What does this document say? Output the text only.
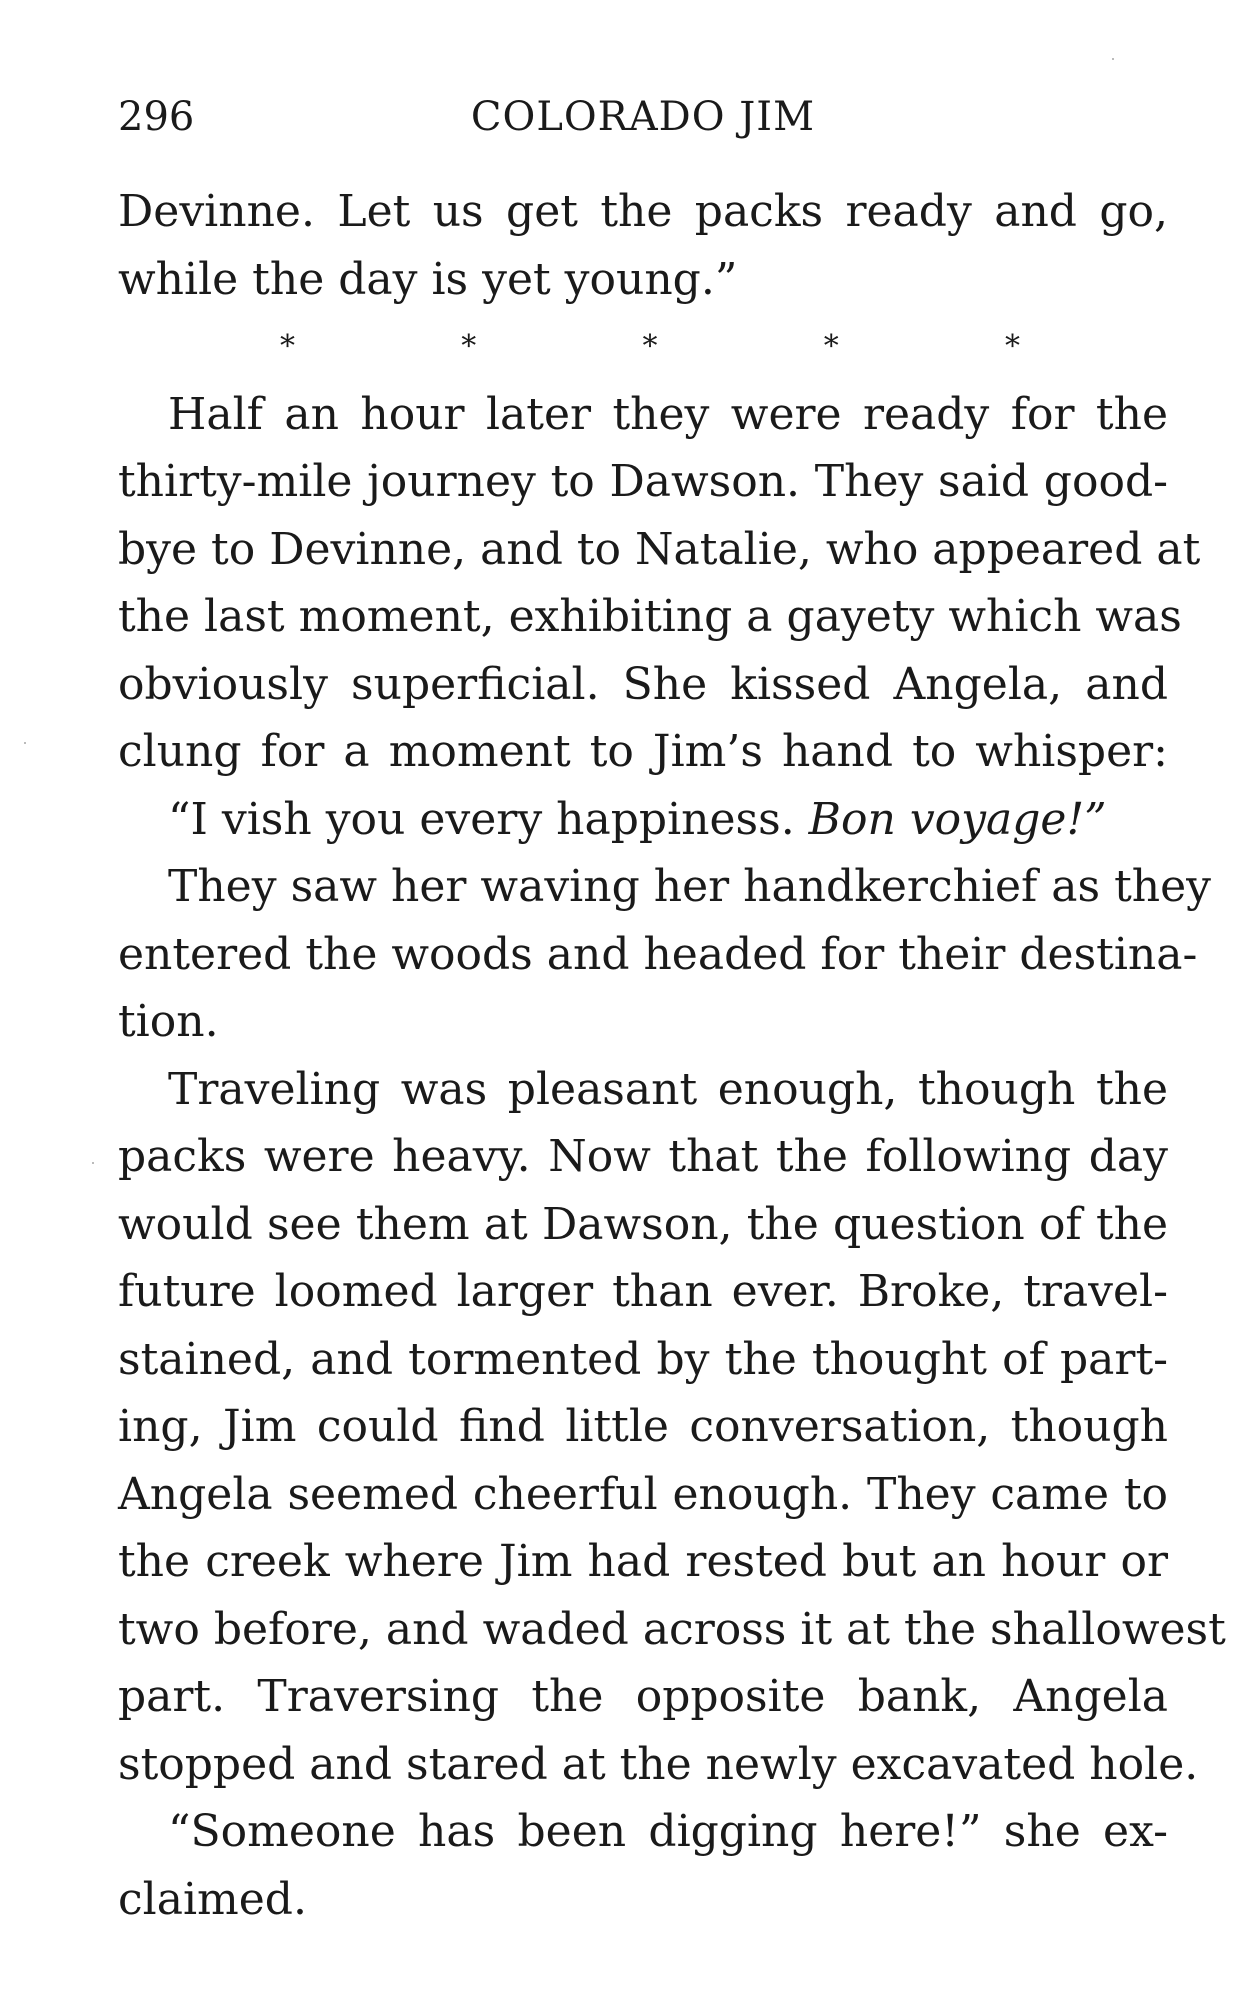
296	COLORADO JIM
Devinne. Let us get the packs ready and go,
while the day is yet young.”
*	*	*	*	*
Half an hour later they were ready for the
thirty-mile journey to Dawson. They said good-
bye to Devinne, and to Natalie, who appeared at
the last moment, exhibiting a gayety which was
obviously superficial. She kissed Angela, and
clung for a moment to Jim’s hand to whisper:
“I vish you every happiness. Bon voyage!”
They saw her waving her handkerchief as they
entered the woods and headed for their destina-
tion.
Traveling was pleasant enough, though the
packs were heavy. Now that the following day
would see them at Dawson, the question of the
future loomed larger than ever. Broke, travel-
stained, and tormented by the thought of part-
ing, Jim could find little conversation, though
Angela seemed cheerful enough. They came to
the creek where Jim had rested but an hour or
two before, and waded across it at the shallowest
part. Traversing the opposite bank, Angela
stopped and stared at the newly excavated hole.
“Someone has been digging here!” she ex-
claimed.
